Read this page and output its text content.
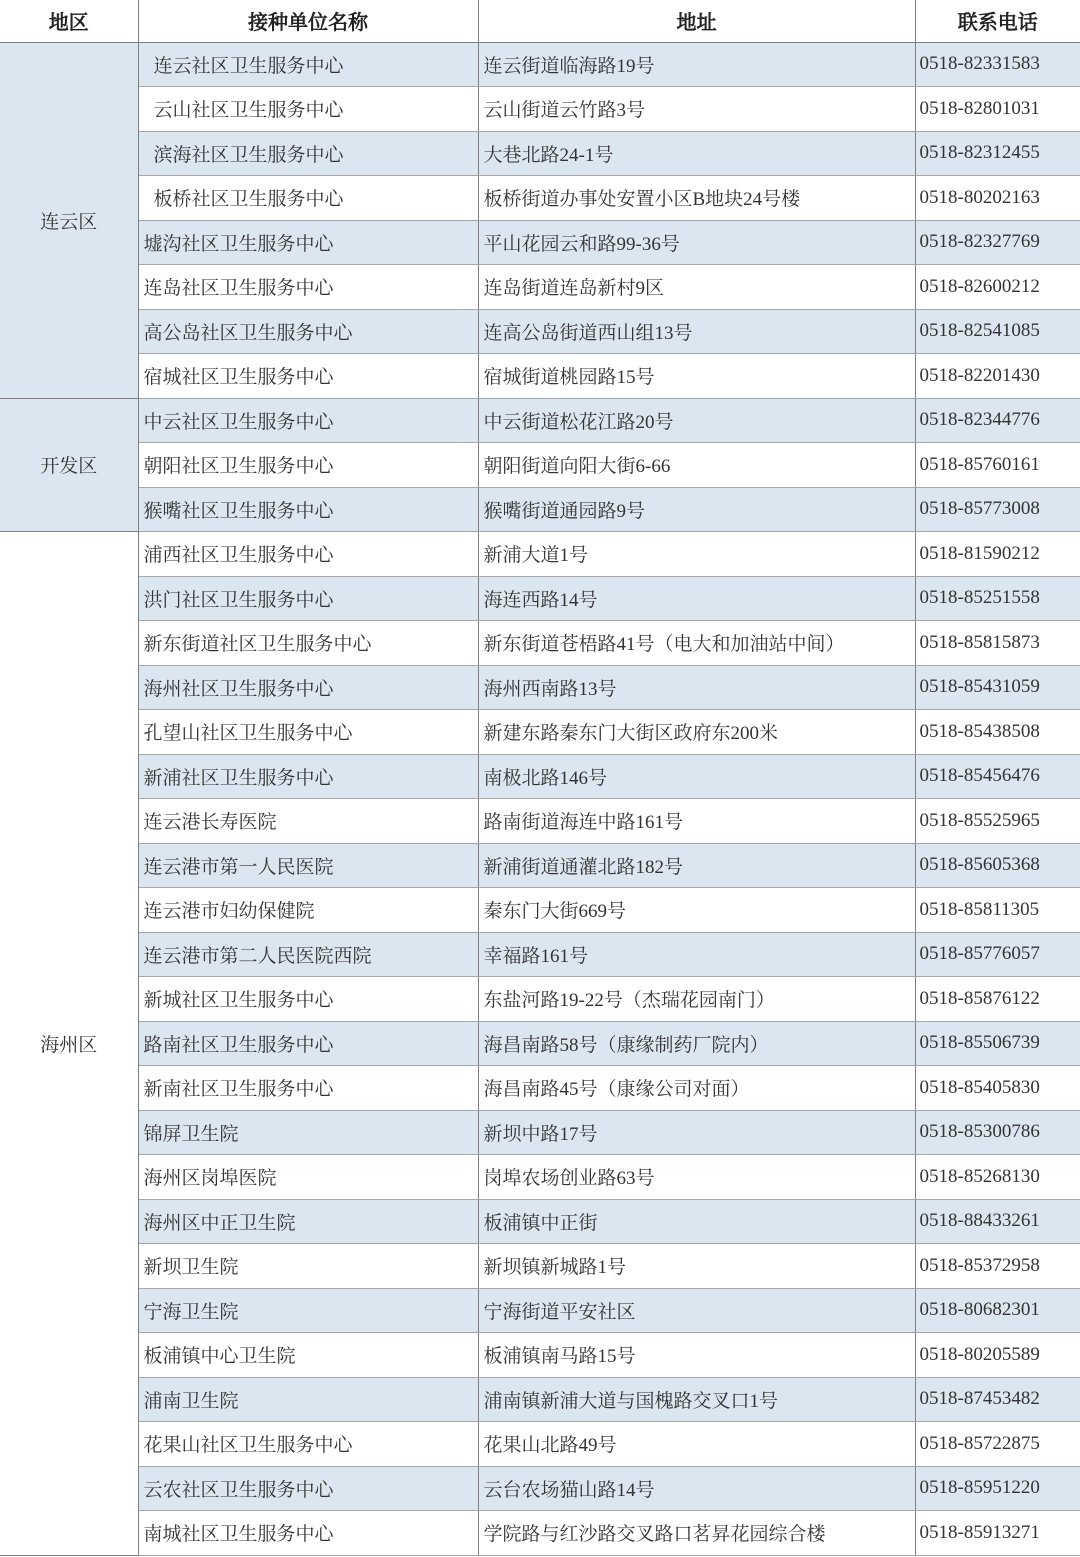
地区	接种单位名称	地址	联系电话
连云区	连云社区卫生服务中心	连云街道临海路19号	0518-82331583
	云山社区卫生服务中心	云山街道云竹路3号	0518-82801031
	滨海社区卫生服务中心	大巷北路24-1号	0518-82312455
	板桥社区卫生服务中心	板桥街道办事处安置小区B地块24号楼	0518-80202163
	墟沟社区卫生服务中心	平山花园云和路99-36号	0518-82327769
	连岛社区卫生服务中心	连岛街道连岛新村9区	0518-82600212
	高公岛社区卫生服务中心	连高公岛街道西山组13号	0518-82541085
	宿城社区卫生服务中心	宿城街道桃园路15号	0518-82201430
开发区	中云社区卫生服务中心	中云街道松花江路20号	0518-82344776
	朝阳社区卫生服务中心	朝阳街道向阳大街6-66	0518-85760161
	猴嘴社区卫生服务中心	猴嘴街道通园路9号	0518-85773008
海州区	浦西社区卫生服务中心	新浦大道1号	0518-81590212
	洪门社区卫生服务中心	海连西路14号	0518-85251558
	新东街道社区卫生服务中心	新东街道苍梧路41号（电大和加油站中间）	0518-85815873
	海州社区卫生服务中心	海州西南路13号	0518-85431059
	孔望山社区卫生服务中心	新建东路秦东门大街区政府东200米	0518-85438508
	新浦社区卫生服务中心	南极北路146号	0518-85456476
	连云港长寿医院	路南街道海连中路161号	0518-85525965
	连云港市第一人民医院	新浦街道通灌北路182号	0518-85605368
	连云港市妇幼保健院	秦东门大街669号	0518-85811305
	连云港市第二人民医院西院	幸福路161号	0518-85776057
	新城社区卫生服务中心	东盐河路19-22号（杰瑞花园南门）	0518-85876122
	路南社区卫生服务中心	海昌南路58号（康缘制药厂院内）	0518-85506739
	新南社区卫生服务中心	海昌南路45号（康缘公司对面）	0518-85405830
	锦屏卫生院	新坝中路17号	0518-85300786
	海州区岗埠医院	岗埠农场创业路63号	0518-85268130
	海州区中正卫生院	板浦镇中正街	0518-88433261
	新坝卫生院	新坝镇新城路1号	0518-85372958
	宁海卫生院	宁海街道平安社区	0518-80682301
	板浦镇中心卫生院	板浦镇南马路15号	0518-80205589
	浦南卫生院	浦南镇新浦大道与国槐路交叉口1号	0518-87453482
	花果山社区卫生服务中心	花果山北路49号	0518-85722875
	云农社区卫生服务中心	云台农场猫山路14号	0518-85951220
	南城社区卫生服务中心	学院路与红沙路交叉路口茗昇花园综合楼	0518-85913271
